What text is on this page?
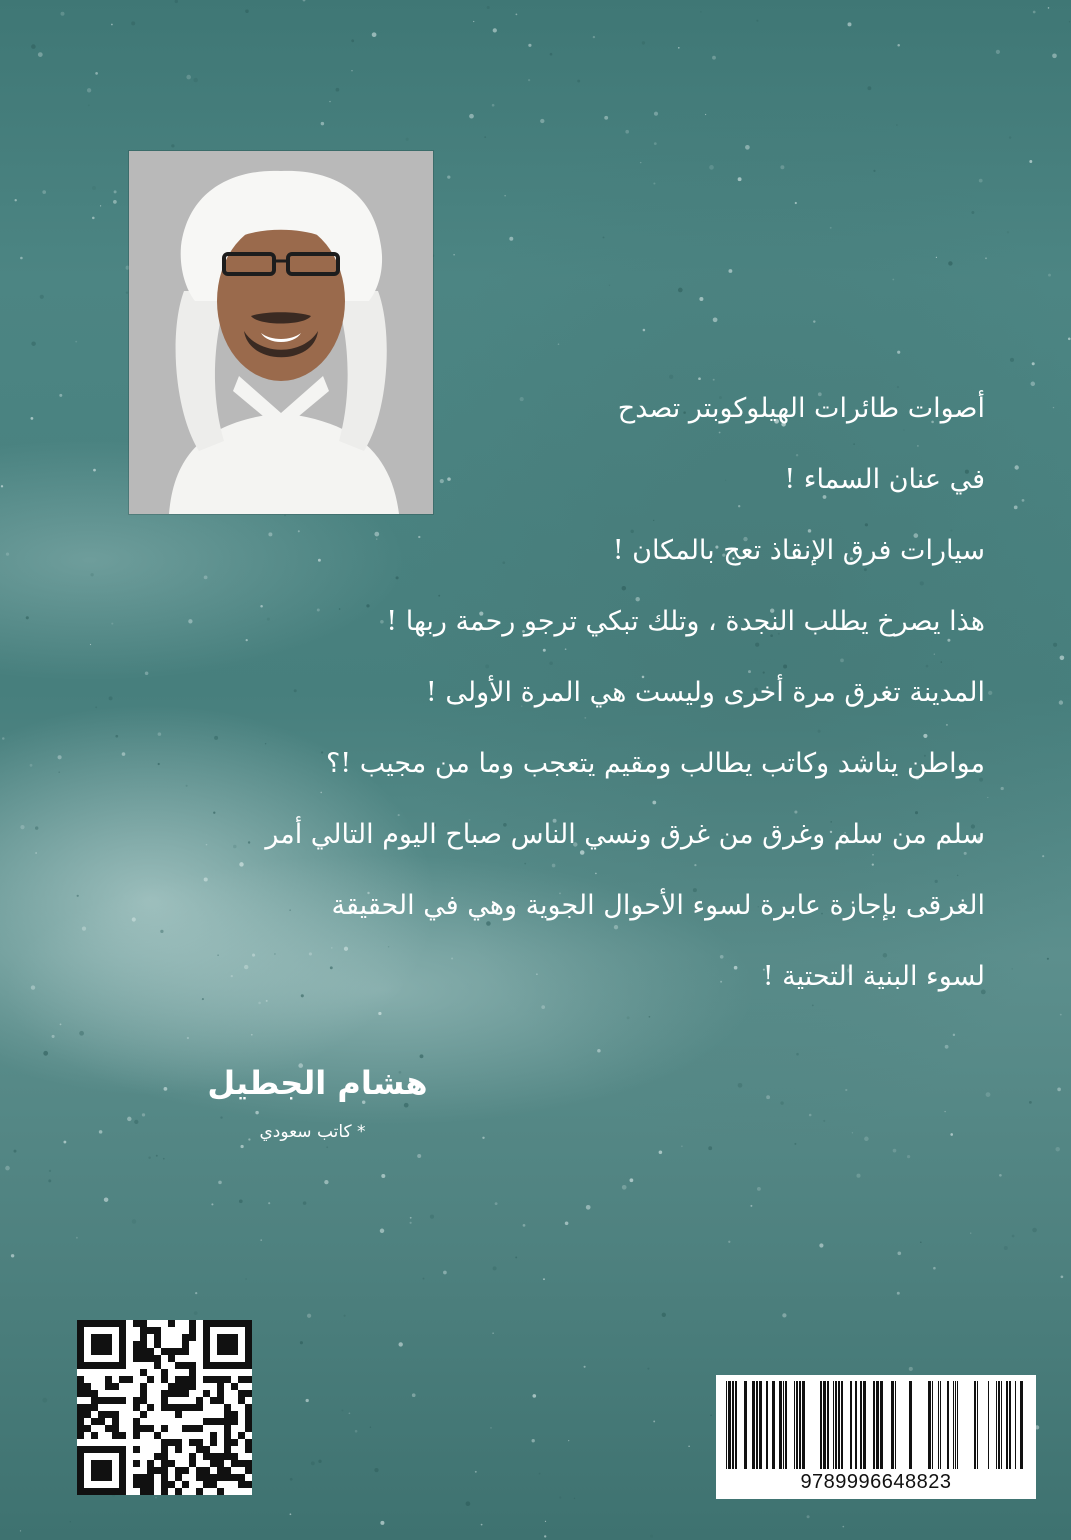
أصوات طائرات الهيلوكوبتر تصدح
في عنان السماء !
سيارات فرق الإنقاذ تعج بالمكان !
هذا يصرخ يطلب النجدة ، وتلك تبكي ترجو رحمة ربها !
المدينة تغرق مرة أخرى وليست هي المرة الأولى !
مواطن يناشد وكاتب يطالب ومقيم يتعجب وما من مجيب !؟
سلم من سلم وغرق من غرق ونسي الناس صباح اليوم التالي أمر
الغرقى بإجازة عابرة لسوء الأحوال الجوية وهي في الحقيقة
لسوء البنية التحتية !
هشام الجطيل
* كاتب سعودي
9789996648823
